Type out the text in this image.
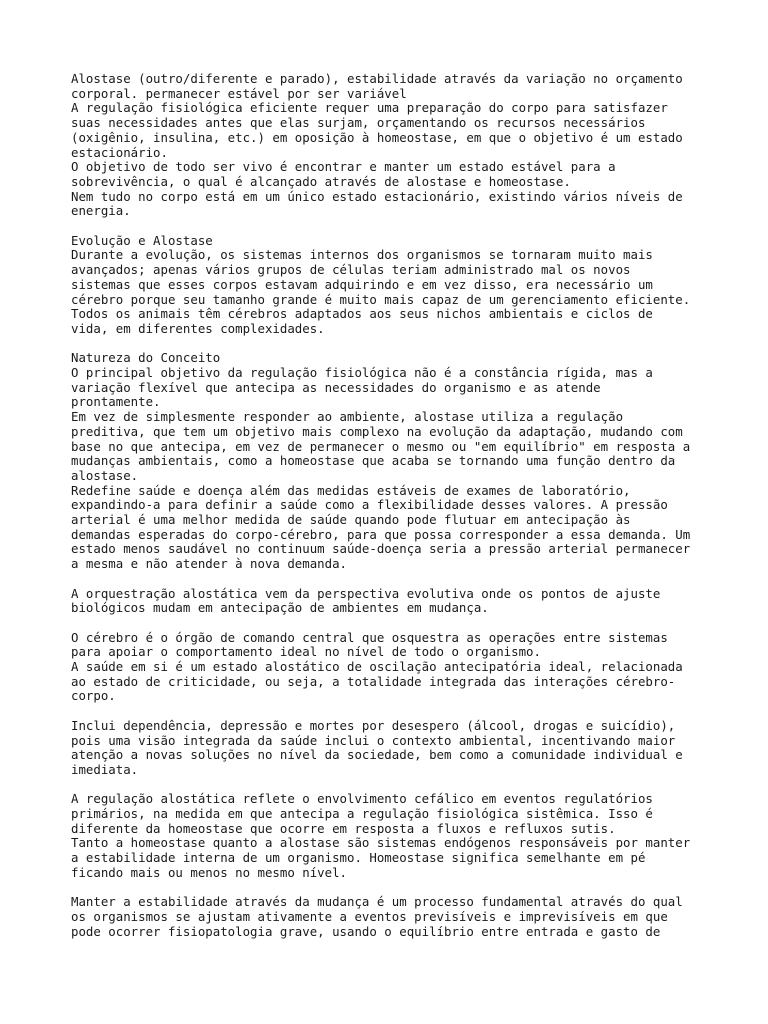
Alostase (outro/diferente e parado), estabilidade através da variação no orçamento
corporal. permanecer estável por ser variável
A regulação fisiológica eficiente requer uma preparação do corpo para satisfazer
suas necessidades antes que elas surjam, orçamentando os recursos necessários
(oxigênio, insulina, etc.) em oposição à homeostase, em que o objetivo é um estado
estacionário.
O objetivo de todo ser vivo é encontrar e manter um estado estável para a
sobrevivência, o qual é alcançado através de alostase e homeostase.
Nem tudo no corpo está em um único estado estacionário, existindo vários níveis de
energia.
Evolução e Alostase
Durante a evolução, os sistemas internos dos organismos se tornaram muito mais
avançados; apenas vários grupos de células teriam administrado mal os novos
sistemas que esses corpos estavam adquirindo e em vez disso, era necessário um
cérebro porque seu tamanho grande é muito mais capaz de um gerenciamento eficiente.
Todos os animais têm cérebros adaptados aos seus nichos ambientais e ciclos de
vida, em diferentes complexidades.
Natureza do Conceito
O principal objetivo da regulação fisiológica não é a constância rígida, mas a
variação flexível que antecipa as necessidades do organismo e as atende
prontamente.
Em vez de simplesmente responder ao ambiente, alostase utiliza a regulação
preditiva, que tem um objetivo mais complexo na evolução da adaptação, mudando com
base no que antecipa, em vez de permanecer o mesmo ou "em equilíbrio" em resposta a
mudanças ambientais, como a homeostase que acaba se tornando uma função dentro da
alostase.
Redefine saúde e doença além das medidas estáveis de exames de laboratório,
expandindo-a para definir a saúde como a flexibilidade desses valores. A pressão
arterial é uma melhor medida de saúde quando pode flutuar em antecipação às
demandas esperadas do corpo-cérebro, para que possa corresponder a essa demanda. Um
estado menos saudável no continuum saúde-doença seria a pressão arterial permanecer
a mesma e não atender à nova demanda.
A orquestração alostática vem da perspectiva evolutiva onde os pontos de ajuste
biológicos mudam em antecipação de ambientes em mudança.
O cérebro é o órgão de comando central que osquestra as operações entre sistemas
para apoiar o comportamento ideal no nível de todo o organismo.
A saúde em si é um estado alostático de oscilação antecipatória ideal, relacionada
ao estado de criticidade, ou seja, a totalidade integrada das interações cérebro-
corpo.
Inclui dependência, depressão e mortes por desespero (álcool, drogas e suicídio),
pois uma visão integrada da saúde inclui o contexto ambiental, incentivando maior
atenção a novas soluções no nível da sociedade, bem como a comunidade individual e
imediata.
A regulação alostática reflete o envolvimento cefálico em eventos regulatórios
primários, na medida em que antecipa a regulação fisiológica sistêmica. Isso é
diferente da homeostase que ocorre em resposta a fluxos e refluxos sutis.
Tanto a homeostase quanto a alostase são sistemas endógenos responsáveis por manter
a estabilidade interna de um organismo. Homeostase significa semelhante em pé
ficando mais ou menos no mesmo nível.
Manter a estabilidade através da mudança é um processo fundamental através do qual
os organismos se ajustam ativamente a eventos previsíveis e imprevisíveis em que
pode ocorrer fisiopatologia grave, usando o equilíbrio entre entrada e gasto de
